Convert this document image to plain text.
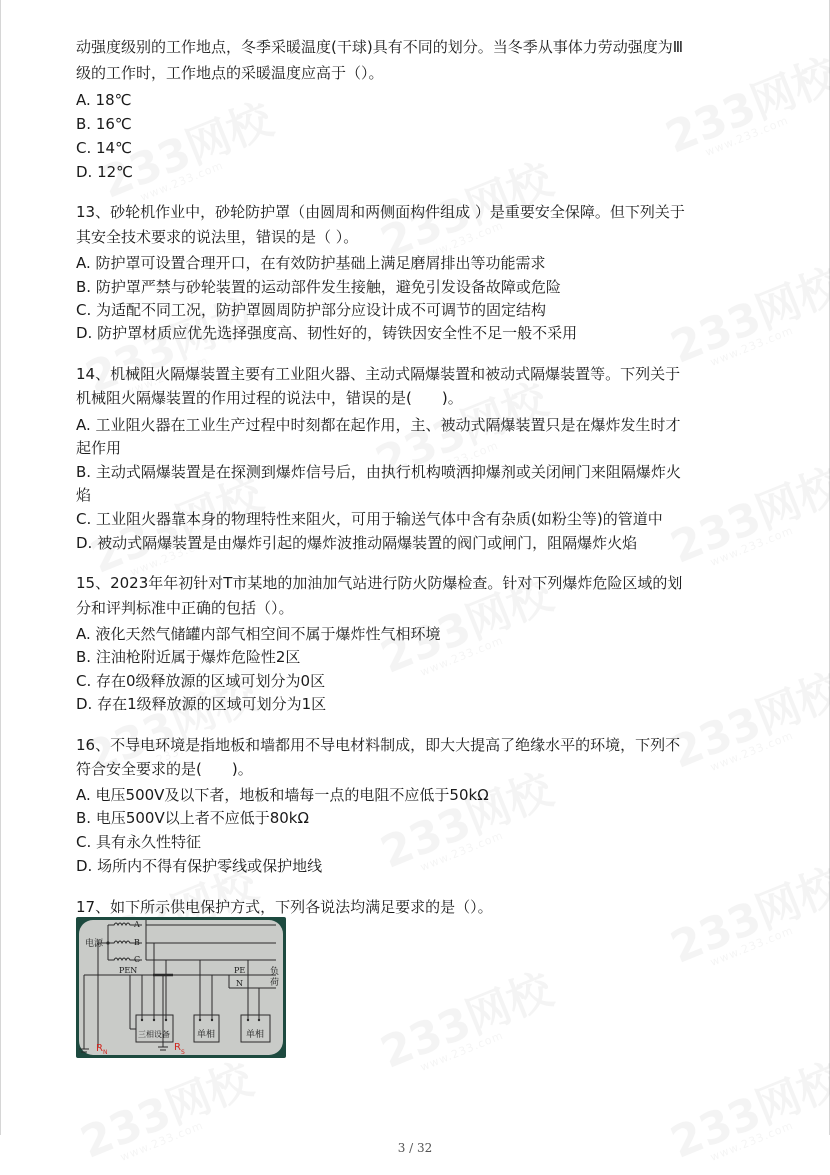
动强度级别的工作地点，冬季采暖温度(干球)具有不同的划分。当冬季从事体力劳动强度为Ⅲ
级的工作时，工作地点的采暖温度应高于（）。
A. 18℃
B. 16℃
C. 14℃
D. 12℃
13、砂轮机作业中，砂轮防护罩（由圆周和两侧面构件组成 ）是重要安全保障。但下列关于
其安全技术要求的说法里，错误的是（ ）。
A. 防护罩可设置合理开口，在有效防护基础上满足磨屑排出等功能需求
B. 防护罩严禁与砂轮装置的运动部件发生接触，避免引发设备故障或危险
C. 为适配不同工况，防护罩圆周防护部分应设计成不可调节的固定结构
D. 防护罩材质应优先选择强度高、韧性好的，铸铁因安全性不足一般不采用
14、机械阻火隔爆装置主要有工业阻火器、主动式隔爆装置和被动式隔爆装置等。下列关于
机械阻火隔爆装置的作用过程的说法中，错误的是(　　)。
A. 工业阻火器在工业生产过程中时刻都在起作用，主、被动式隔爆装置只是在爆炸发生时才
起作用
B. 主动式隔爆装置是在探测到爆炸信号后，由执行机构喷洒抑爆剂或关闭闸门来阻隔爆炸火
焰
C. 工业阻火器靠本身的物理特性来阻火，可用于输送气体中含有杂质(如粉尘等)的管道中
D. 被动式隔爆装置是由爆炸引起的爆炸波推动隔爆装置的阀门或闸门，阻隔爆炸火焰
15、2023年年初针对T市某地的加油加气站进行防火防爆检查。针对下列爆炸危险区域的划
分和评判标准中正确的包括（）。
A. 液化天然气储罐内部气相空间不属于爆炸性气相环境
B. 注油枪附近属于爆炸危险性2区
C. 存在0级释放源的区域可划分为0区
D. 存在1级释放源的区域可划分为1区
16、不导电环境是指地板和墙都用不导电材料制成，即大大提高了绝缘水平的环境，下列不
符合安全要求的是(　　)。
A. 电压500V及以下者，地板和墙每一点的电阻不应低于50kΩ
B. 电压500V以上者不应低于80kΩ
C. 具有永久性特征
D. 场所内不得有保护零线或保护地线
17、如下所示供电保护方式，下列各说法均满足要求的是（）。
电源
A
B
C
PEN	PE
N
负
荷
三相设备	单相	单相
R N	R S
3 / 32
